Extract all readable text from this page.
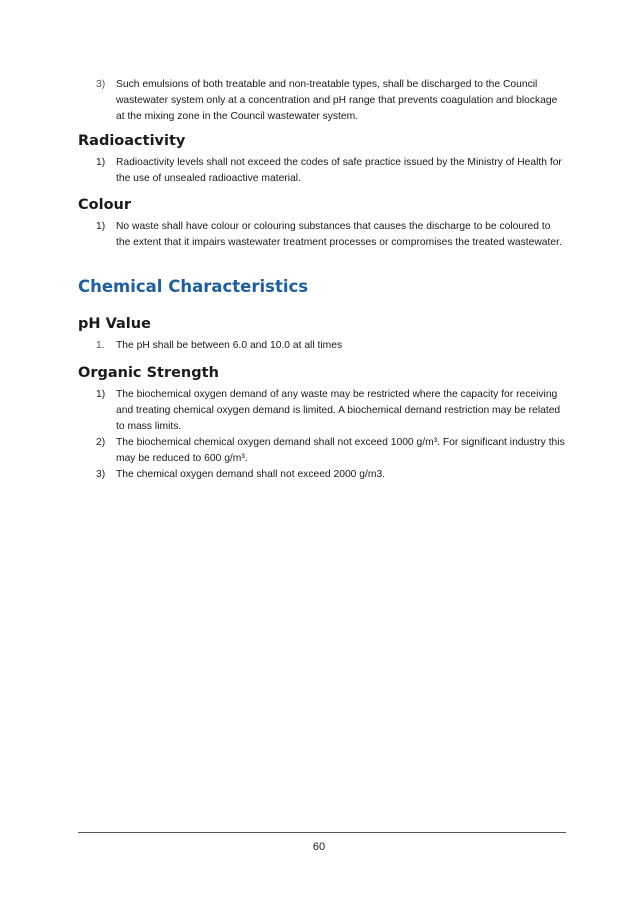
3)	Such emulsions of both treatable and non-treatable types, shall be discharged to the Council wastewater system only at a concentration and pH range that prevents coagulation and blockage at the mixing zone in the Council wastewater system.
Radioactivity
1)	Radioactivity levels shall not exceed the codes of safe practice issued by the Ministry of Health for the use of unsealed radioactive material.
Colour
1)	No waste shall have colour or colouring substances that causes the discharge to be coloured to the extent that it impairs wastewater treatment processes or compromises the treated wastewater.
Chemical Characteristics
pH Value
1.	The pH shall be between 6.0 and 10.0 at all times
Organic Strength
1)	The biochemical oxygen demand of any waste may be restricted where the capacity for receiving and treating chemical oxygen demand is limited. A biochemical demand restriction may be related to mass limits.
2)	The biochemical chemical oxygen demand shall not exceed 1000 g/m³. For significant industry this may be reduced to 600 g/m³.
3)	The chemical oxygen demand shall not exceed 2000 g/m3.
60
